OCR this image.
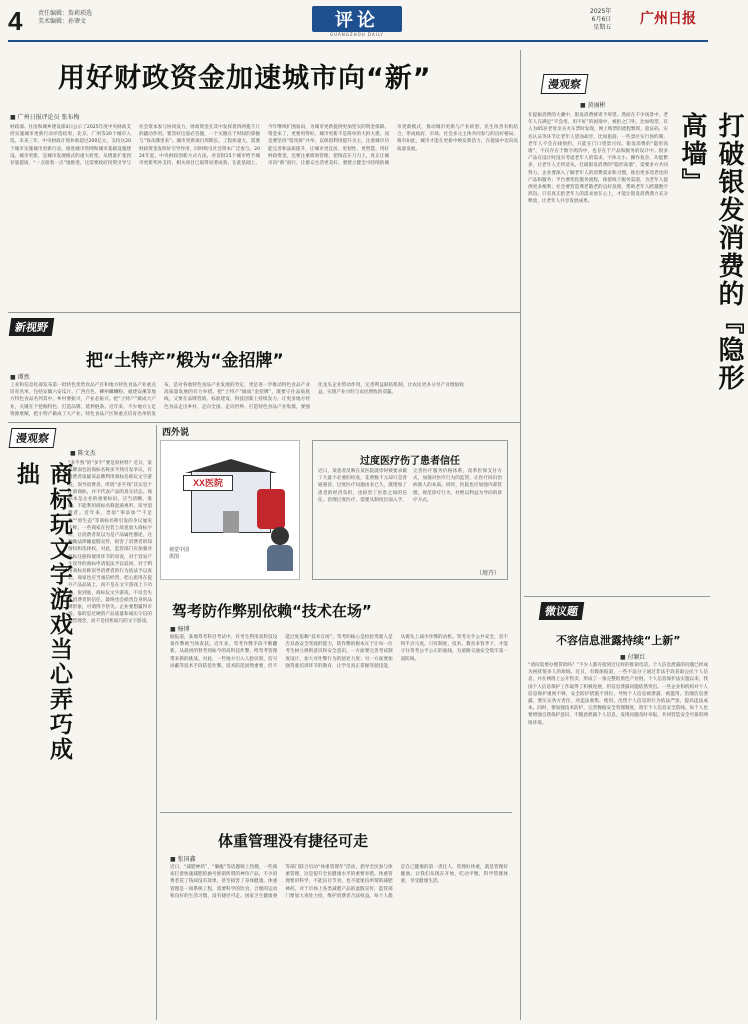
4	责任编辑：詹莉琐选
美术编辑：孙肇文	评论
GUANGZHOU DAILY
2025年
6月6日
星期五
广州日报
用好财政资金加速城市向“新”
■ 广州日报评论员 张布梅
财政部、住房和城乡建设部4日公示了2025年度中央财政支持实施城市更新行动评选结果，北京、广州等20个城市入选。未来三年，中央财政计划补助超过200亿元，支持这20个城市实施城市更新行动，推进城市管网和城市基础设施建设。城市更新，是城市发展模式的重大转变。从增量扩张到存量提质，“一点接着一点”地推进，这需要政府投资引导与社会资本参与协同发力，财政资金在其中发挥着四两拨千斤的撬动作用。要答好这道必答题，一个关键在于时间的掌握与“钱从哪里来”。城市更新项目周期长、工程体量大，需要财政资金发挥好引导作用，同时吸引社会资本广泛参与。2024年起，中央财政创新方式方法，对首批15个城市给予城市更新奖补支持，相关项目已取得显著成效。在此基础上，今年继续扩围加码，为城市更新提供更加坚实的资金保障。资金来了，更要用得好。城市更新不是简单的大拆大建，而是要坚持“留改拆”并举，以保留利用提升为主，注重城市功能完善和品质提升，让城市更宜居、更韧性、更智慧。用好财政资金，还要注重绩效管理，把钱花在刀刃上，真正让城市向“新”而行，让群众生活更美好。要建立健全可持续的城市更新模式，推动城市更新与产业转型、民生改善有机结合，形成政府、市场、社会多元主体共同参与的良好格局。唯有如此，城市才能在更新中焕发新活力，在提质中迈向高质量发展。
新视野
把“土特产”煅为“金招牌”
■ 谭然
工业和信息化部发布第一批特色优势食品产区和地方特色食品产业重点培育名单，包括安徽六安瓜片、广西百色、柳州螺蛳粉、福建安溪等地方特色食品名列其中。乡村要振兴，产业必振兴。把“土特产”做成大产业，关键在于挖掘特色、打造品牌、延伸链条。近年来，不少地方立足资源禀赋，把小特产做成了大产业。特色食品产区和重点培育名单的发布，是对各地特色食品产业发展的肯定，更是进一步推动特色食品产业高质量发展的有力举措。把“土特产”做成“金招牌”，既要守住品质底线，又要在品牌营销、标准建设、科技创新上持续发力，让更多地方特色食品走出乡村、走向全国、走向世界。打造特色食品产业集群，要强化龙头企业带动作用，完善利益联结机制，让农民更多分享产业增值收益，实现产业兴旺与农民增收的双赢。
漫观察
■ 陈文杰
商标玩文字游戏当心弄巧成拙	“多半熟”的“多半”要是原材料？近日，某品牌面包因商标名称多半熟引发争议，有消费者质疑该品牌利用商标名称玩文字游戏，误导消费者。所谓“多半熟”其实是个注册商标，并不代表产品的真实状态。商标本是企业的重要标识，应当清晰、准确，不能利用商标名称混淆视听、误导消费者。近年来，类似“零添加”“千足金”“原生态”等商标名称引发的争议屡见不鲜。一些商家在包装上故意放大商标字样，让消费者误以为是产品属性描述，这种做法涉嫌虚假宣传，损害了消费者的知情权和选择权。对此，监管部门应加强对商标注册和使用环节的审查，对于容易产生误导的商标申请依法予以驳回，对于利用商标名称误导消费者的行为依法予以查处。商家也应当诚信经营，把心思用在提升产品品质上，而不是在文字游戏上下功夫。说到底，商标玩文字游戏，不仅会失去消费者的信任，最终也会损害自身的品牌形象，可谓得不偿失。企业要想赢得市场，靠的是过硬的产品质量和诚实守信的经营理念，而不是投机取巧的文字游戏。
西外说
XX医院
视觉中国
供图
过度医疗伤了患者信任
近日，某患者反映在某医院就诊时被要求做了大量不必要的检查，花费数千元却只是普通感冒。过度医疗问题由来已久，既增加了患者的经济负担，也损害了医患之间的信任。治理过度医疗，需要从制度层面入手，完善医疗服务价格体系，改革医保支付方式，加强对医疗行为的监管，让医疗回归治病救人的本质。同时，医院也应加强内部管理，规范诊疗行为，杜绝以利益为导向的诊疗方式。
（周卉）
驾考防作弊别依赖“技术在场”
■ 杨博
据报道，某地驾考科目考试中，有考生利用高科技设备作弊被当场查获。近年来，驾考作弊手段不断翻新，从最初的替考到如今的高科技作弊，给驾考管理带来新的挑战。对此，一些地方引入人脸识别、信号屏蔽等技术手段防范作弊。技术防范固然重要，但不能过度依赖“技术在场”。驾考的核心是检验驾驶人是否具备安全驾驶的能力，防作弊的根本在于让每一位考生树立规则意识和安全意识。一方面要完善考试制度设计，加大对作弊行为的惩处力度；另一方面要加强驾驶培训环节的教育，让学员真正掌握驾驶技能，从源头上减少作弊的动机。驾考关乎公共安全，容不得半点马虎。只有制度、技术、教育多管齐下，才能守住驾考公平公正的底线，为道路交通安全筑牢第一道防线。
体重管理没有捷径可走
■ 张国鑫
近日，“减肥神药”、“躺瘦”等话题频上热搜，一些商家打着快速减肥的旗号推销所谓的神奇产品，不少消费者花了钱却没有效果，甚至损害了身体健康。体重管理是一项系统工程，需要科学的饮食、合理的运动和良好的生活习惯，没有捷径可走。国家卫生健康委等部门联合启动“体重管理年”活动，倡导全民参与体重管理，这是提升全民健康水平的重要举措。体重管理要讲科学，不能盲目节食，也不能迷信所谓的减肥神药。对于市场上各类减肥产品的虚假宣传，监管部门要加大查处力度，维护消费者合法权益。每个人都是自己健康的第一责任人，管理好体重，就是管理好健康。让我们从现在开始，吃动平衡，科学管理体重，享受健康生活。
漫观察
■ 黄丽彬
打破银发消费的『隐形高墙』
在提振消费的大潮中，银发消费被寄予厚望。然而在不少场景中，老年人在满足“不会用、用不好”的困境中，被拒之门外。比如购票，有人为65岁老母亲买火车票时发现，网上购票的流程繁琐，验证码、实名认证等环节让老年人望而却步。比如旅游，一些景区实行预约制，老年人不会在线预约，只能在门口望景兴叹。银发消费的“隐形高墙”，不仅存在于数字鸿沟中，也存在于产品和服务的设计中。很多产品在设计时没有考虑老年人的需求，字体太小、操作复杂、功能繁多，让老年人无所适从。打破银发消费的“隐形高墙”，需要多方共同努力。企业要深入了解老年人的消费需求和习惯，推出更多适老化的产品和服务；平台要优化服务流程，保留线下服务渠道，为老年人提供更多便利；社会要营造尊老敬老的良好氛围，帮助老年人跨越数字鸿沟。只有真正把老年人的需求放在心上，才能让银发消费潜力充分释放，让老年人共享发展成果。
微议题
不容信息泄露持续“上新”
■ 付颖红
“请问需要办理贷款吗？”不少人都有接到过这样的推销电话。个人信息泄露的问题已经成为困扰很多人的烦恼。近日，有媒体报道，一些不法分子通过非法手段获取公民个人信息，并在网络上公开售卖，形成了一条完整的黑色产业链。个人信息保护法实施以来，我国个人信息保护工作取得了积极进展，但信息泄露问题依然突出。一些企业和机构对个人信息保护重视不够，安全防护措施不到位，导致个人信息被泄露、被滥用。治理信息泄露，要压实各方责任，对违法收集、使用、出售个人信息的行为依法严惩，提高违法成本。同时，要加强技术防护，完善数据安全管理制度，筑牢个人信息安全防线。每个人也要增强自我保护意识，不随意泄露个人信息，发现问题及时举报，共同营造安全可靠的网络环境。
